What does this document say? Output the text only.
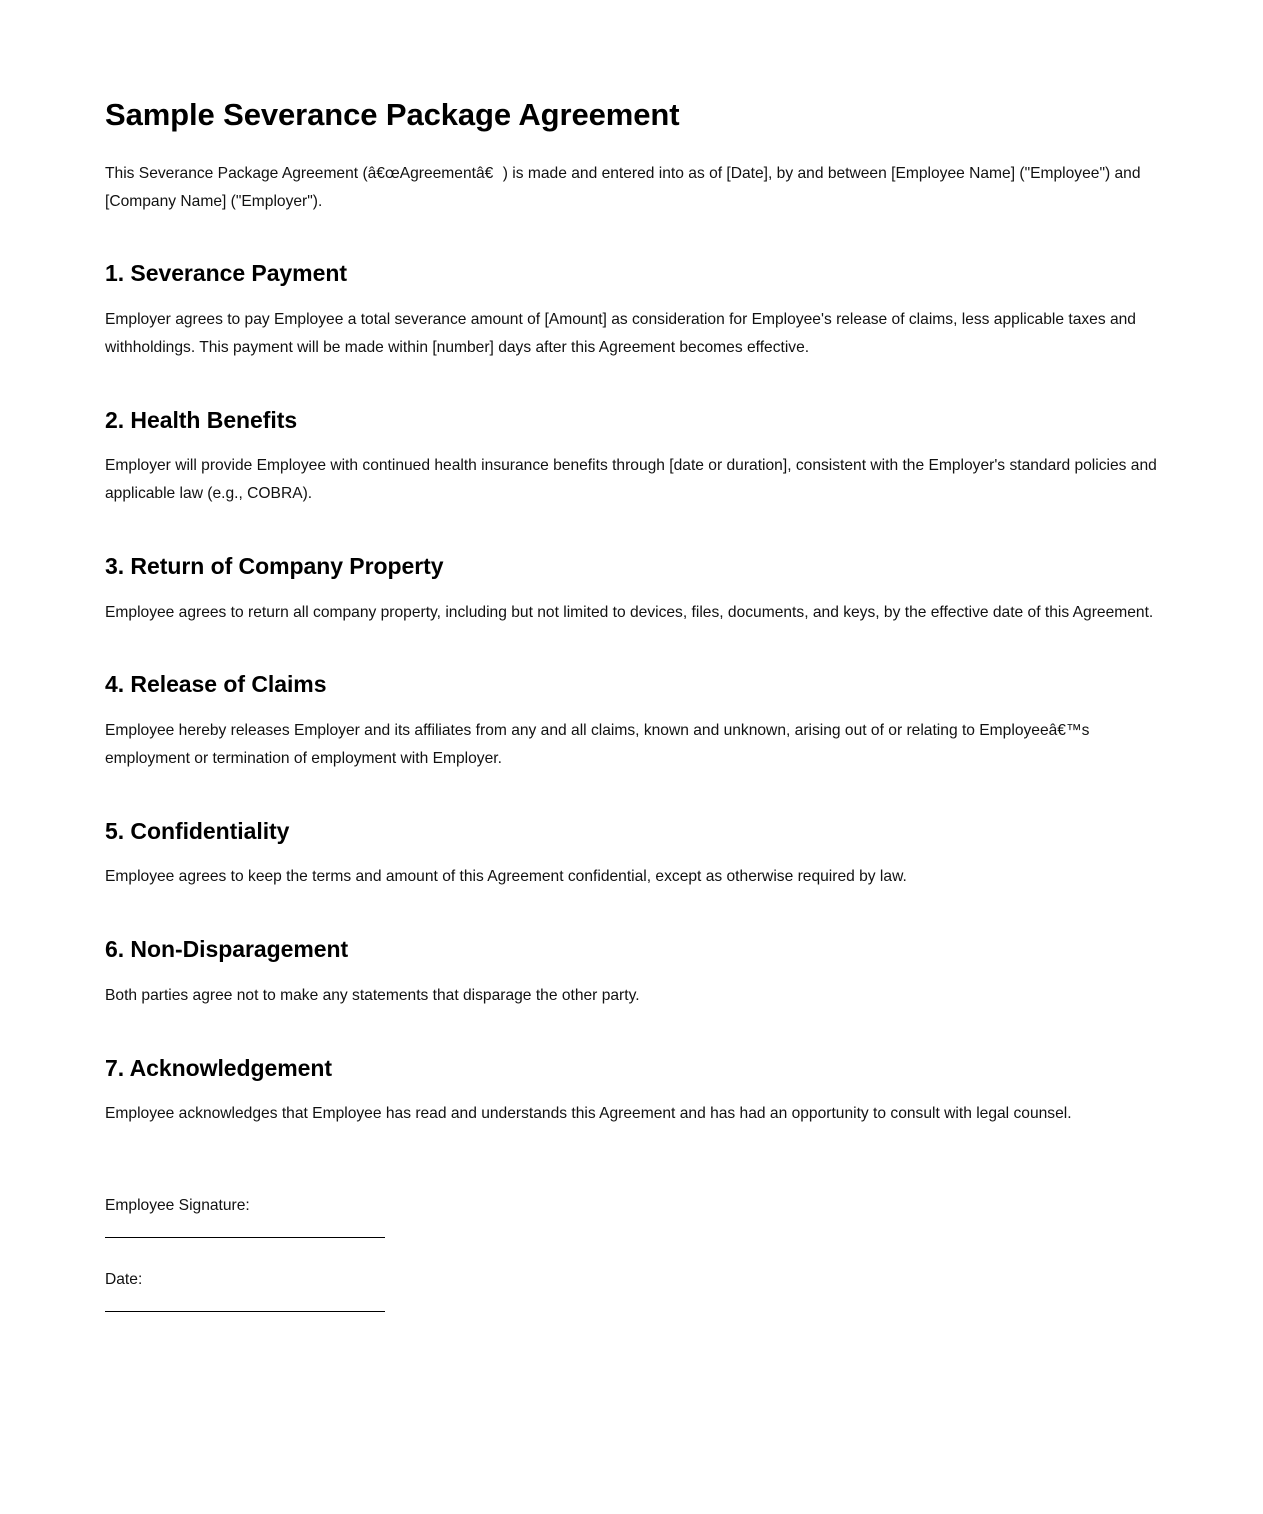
Sample Severance Package Agreement

This Severance Package Agreement (â€œAgreementâ€) is made and entered into as of [Date], by and between [Employee Name] ("Employee") and [Company Name] ("Employer").

1. Severance Payment

Employer agrees to pay Employee a total severance amount of [Amount] as consideration for Employee's release of claims, less applicable taxes and withholdings. This payment will be made within [number] days after this Agreement becomes effective.

2. Health Benefits

Employer will provide Employee with continued health insurance benefits through [date or duration], consistent with the Employer's standard policies and applicable law (e.g., COBRA).

3. Return of Company Property

Employee agrees to return all company property, including but not limited to devices, files, documents, and keys, by the effective date of this Agreement.

4. Release of Claims

Employee hereby releases Employer and its affiliates from any and all claims, known and unknown, arising out of or relating to Employeeâ€™s employment or termination of employment with Employer.

5. Confidentiality

Employee agrees to keep the terms and amount of this Agreement confidential, except as otherwise required by law.

6. Non-Disparagement

Both parties agree not to make any statements that disparage the other party.

7. Acknowledgement

Employee acknowledges that Employee has read and understands this Agreement and has had an opportunity to consult with legal counsel.

Employee Signature:

Date:
